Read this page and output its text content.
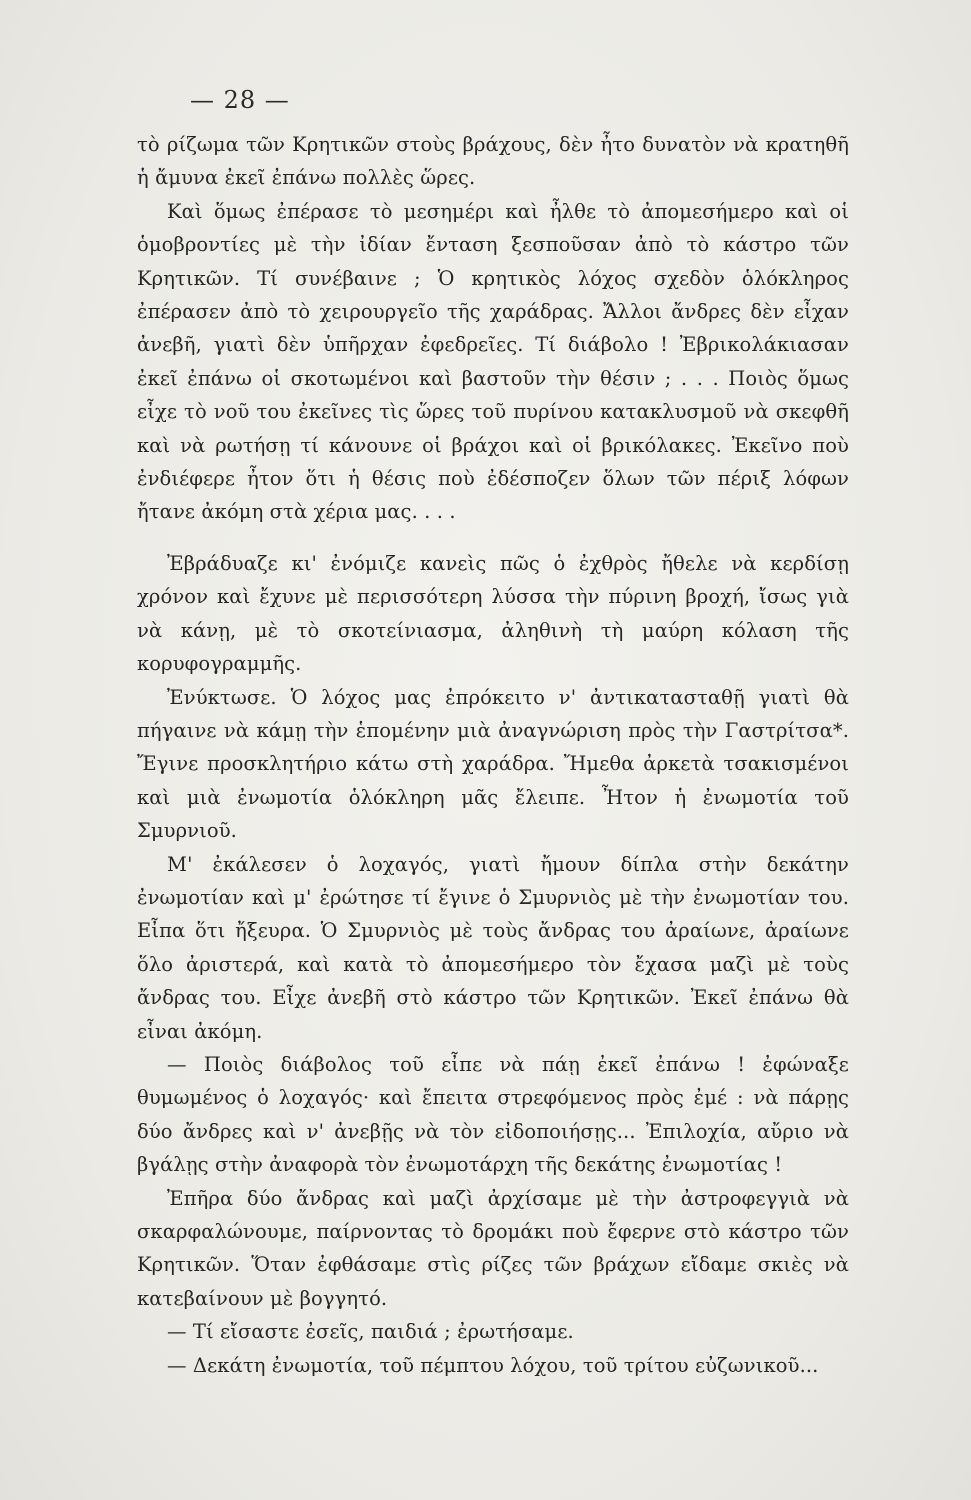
— 28 —

τὸ ρίζωμα τῶν Κρητικῶν στοὺς βράχους, δὲν ἦτο δυνατὸν νὰ κρατηθῆ ἡ ἄμυνα ἐκεῖ ἐπάνω πολλὲς ὥρες.

Καὶ ὅμως ἐπέρασε τὸ μεσημέρι καὶ ἦλθε τὸ ἀπομεσήμερο καὶ οἱ ὁμοβροντίες μὲ τὴν ἰδίαν ἔνταση ξεσποῦσαν ἀπὸ τὸ κάστρο τῶν Κρητικῶν. Τί συνέβαινε ; Ὁ κρητικὸς λόχος σχεδὸν ὁλόκληρος ἐπέρασεν ἀπὸ τὸ χειρουργεῖο τῆς χαράδρας. Ἄλλοι ἄνδρες δὲν εἶχαν ἀνεβῆ, γιατὶ δὲν ὑπῆρχαν ἐφεδρεῖες. Τί διάβολο ! Ἐβρικολάκιασαν ἐκεῖ ἐπάνω οἱ σκοτωμένοι καὶ βαστοῦν τὴν θέσιν ; . . . Ποιὸς ὅμως εἶχε τὸ νοῦ του ἐκεῖνες τὶς ὥρες τοῦ πυρίνου κατακλυσμοῦ νὰ σκεφθῆ καὶ νὰ ρωτήσῃ τί κάνουνε οἱ βράχοι καὶ οἱ βρικόλακες. Ἐκεῖνο ποὺ ἐνδιέφερε ἦτον ὅτι ἡ θέσις ποὺ ἐδέσποζεν ὅλων τῶν πέριξ λόφων ἤτανε ἀκόμη στὰ χέρια μας. . . .

Ἐβράδυαζε κι' ἐνόμιζε κανεὶς πῶς ὁ ἐχθρὸς ἤθελε νὰ κερδίσῃ χρόνον καὶ ἔχυνε μὲ περισσότερη λύσσα τὴν πύρινη βροχή, ἴσως γιὰ νὰ κάνῃ, μὲ τὸ σκοτείνιασμα, ἀληθινὴ τὴ μαύρη κόλαση τῆς κορυφογραμμῆς.

Ἐνύκτωσε. Ὁ λόχος μας ἐπρόκειτο ν' ἀντικατασταθῇ γιατὶ θὰ πήγαινε νὰ κάμῃ τὴν ἑπομένην μιὰ ἀναγνώριση πρὸς τὴν Γαστρίτσα*. Ἔγινε προσκλητήριο κάτω στὴ χαράδρα. Ἤμεθα ἀρκετὰ τσακισμένοι καὶ μιὰ ἐνωμοτία ὁλόκληρη μᾶς ἔλειπε. Ἦτον ἡ ἐνωμοτία τοῦ Σμυρνιοῦ.

Μ' ἐκάλεσεν ὁ λοχαγός, γιατὶ ἤμουν δίπλα στὴν δεκάτην ἐνωμοτίαν καὶ μ' ἐρώτησε τί ἔγινε ὁ Σμυρνιὸς μὲ τὴν ἐνωμοτίαν του. Εἶπα ὅτι ἤξευρα. Ὁ Σμυρνιὸς μὲ τοὺς ἄνδρας του ἀραίωνε, ἀραίωνε ὅλο ἀριστερά, καὶ κατὰ τὸ ἀπομεσήμερο τὸν ἔχασα μαζὶ μὲ τοὺς ἄνδρας του. Εἶχε ἀνεβῆ στὸ κάστρο τῶν Κρητικῶν. Ἐκεῖ ἐπάνω θὰ εἶναι ἀκόμη.

— Ποιὸς διάβολος τοῦ εἶπε νὰ πάῃ ἐκεῖ ἐπάνω ! ἐφώναξε θυμωμένος ὁ λοχαγός· καὶ ἔπειτα στρεφόμενος πρὸς ἐμέ : νὰ πάρῃς δύο ἄνδρες καὶ ν' ἀνεβῇς νὰ τὸν εἰδοποιήσῃς... Ἐπιλοχία, αὔριο νὰ βγάλῃς στὴν ἀναφορὰ τὸν ἐνωμοτάρχη τῆς δεκάτης ἐνωμοτίας !

Ἐπῆρα δύο ἄνδρας καὶ μαζὶ ἀρχίσαμε μὲ τὴν ἀστροφεγγιὰ νὰ σκαρφαλώνουμε, παίρνοντας τὸ δρομάκι ποὺ ἔφερνε στὸ κάστρο τῶν Κρητικῶν. Ὅταν ἐφθάσαμε στὶς ρίζες τῶν βράχων εἴδαμε σκιὲς νὰ κατεβαίνουν μὲ βογγητό.

— Τί εἴσαστε ἐσεῖς, παιδιά ; ἐρωτήσαμε.

— Δεκάτη ἐνωμοτία, τοῦ πέμπτου λόχου, τοῦ τρίτου εὐζωνικοῦ...
